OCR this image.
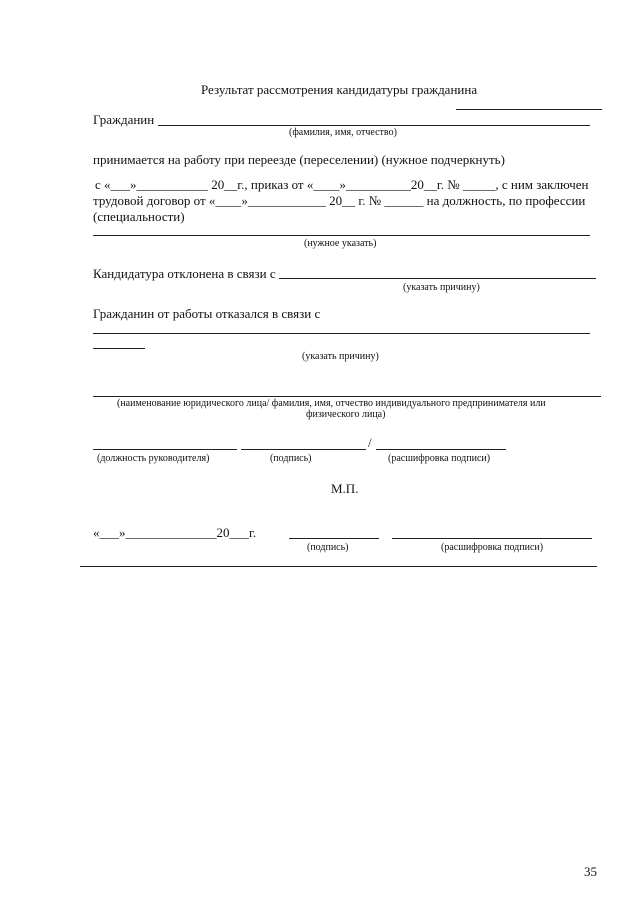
Результат рассмотрения кандидатуры гражданина
Гражданин
(фамилия, имя, отчество)
принимается на работу при переезде (переселении) (нужное подчеркнуть)
с «___»___________ 20__г., приказ от «____»__________20__г. № _____, с ним заключен
трудовой договор от «____»____________ 20__ г. № ______ на должность, по профессии
(специальности)
(нужное указать)
Кандидатура отклонена в связи с
(указать причину)
Гражданин от работы отказался в связи с
(указать причину)
(наименование юридического лица/ фамилия, имя, отчество индивидуального предпринимателя или
физического лица)
/
(должность руководителя)	(подпись)	(расшифровка подписи)
М.П.
«___»______________20___г.
(подпись)	(расшифровка подписи)
35
